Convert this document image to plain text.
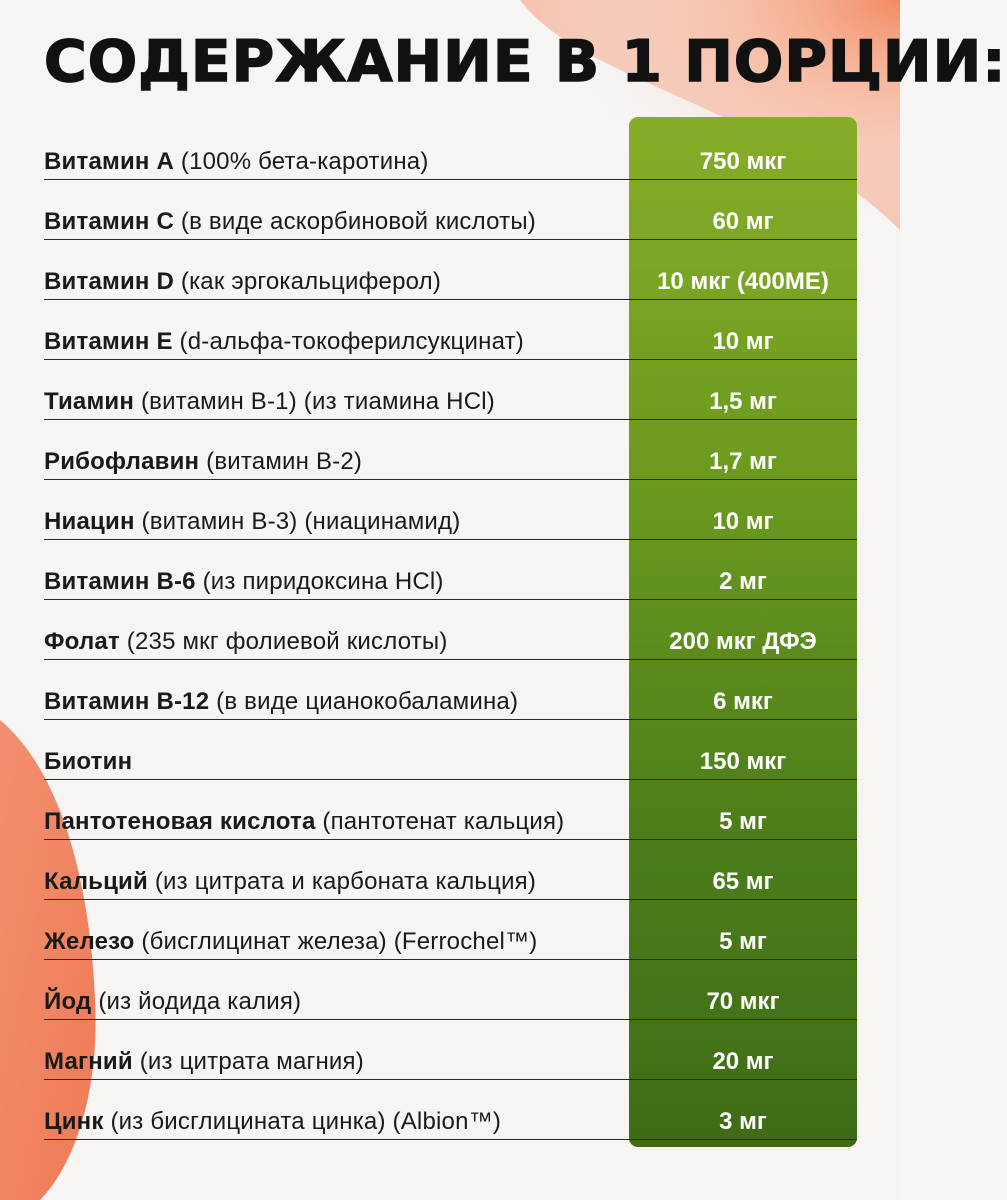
СОДЕРЖАНИЕ В 1 ПОРЦИИ:
Витамин А (100% бета-каротина)	750 мкг
Витамин С (в виде аскорбиновой кислоты)	60 мг
Витамин D (как эргокальциферол)	10 мкг (400МЕ)
Витамин Е (d-альфа-токоферилсукцинат)	10 мг
Тиамин (витамин В-1) (из тиамина HCl)	1,5 мг
Рибофлавин (витамин В-2)	1,7 мг
Ниацин (витамин В-3) (ниацинамид)	10 мг
Витамин В-6 (из пиридоксина HCl)	2 мг
Фолат (235 мкг фолиевой кислоты)	200 мкг ДФЭ
Витамин В-12 (в виде цианокобаламина)	6 мкг
Биотин	150 мкг
Пантотеновая кислота (пантотенат кальция)	5 мг
Кальций (из цитрата и карбоната кальция)	65 мг
Железо (бисглицинат железа) (Ferrochel™)	5 мг
Йод (из йодида калия)	70 мкг
Магний (из цитрата магния)	20 мг
Цинк (из бисглицината цинка) (Albion™)	3 мг
